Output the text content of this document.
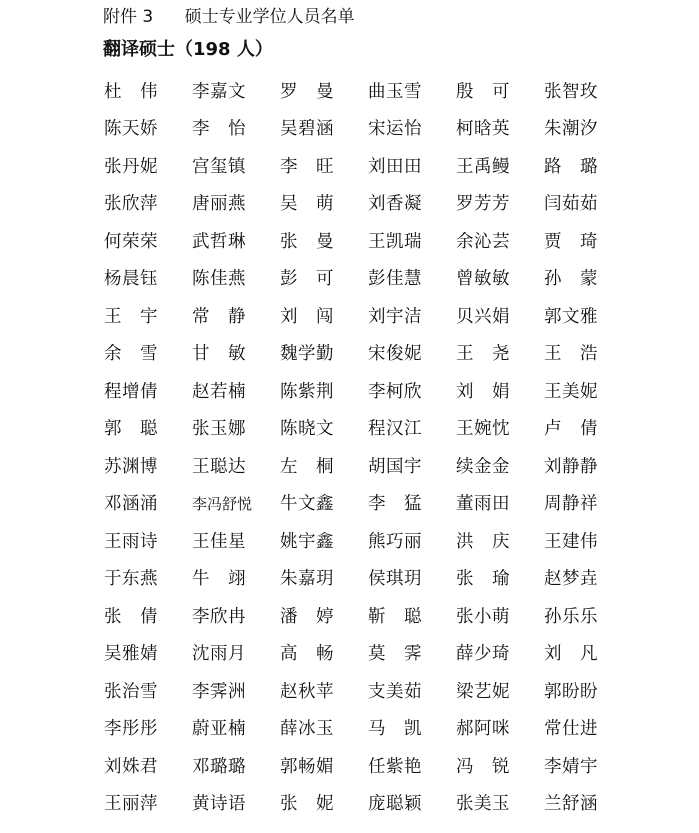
附件 3 硕士专业学位人员名单
翻译硕士（198 人）
杜　伟	李嘉文	罗　曼	曲玉雪	殷　可	张智玫
陈天娇	李　怡	吴碧涵	宋运怡	柯晗英	朱潮汐
张丹妮	宫玺镇	李　旺	刘田田	王禹鳗	路　璐
张欣萍	唐丽燕	吴　萌	刘香凝	罗芳芳	闫茹茹
何荣荣	武哲琳	张　曼	王凯瑞	余沁芸	贾　琦
杨晨钰	陈佳燕	彭　可	彭佳慧	曾敏敏	孙　蒙
王　宇	常　静	刘　闯	刘宇洁	贝兴娟	郭文雅
余　雪	甘　敏	魏学勤	宋俊妮	王　尧	王　浩
程增倩	赵若楠	陈紫荆	李柯欣	刘　娟	王美妮
郭　聪	张玉娜	陈晓文	程汉江	王婉忱	卢　倩
苏渊博	王聪达	左　桐	胡国宇	续金金	刘静静
邓涵涌	李冯舒悦	牛文鑫	李　猛	董雨田	周静祥
王雨诗	王佳星	姚宇鑫	熊巧丽	洪　庆	王建伟
于东燕	牛　翊	朱嘉玥	侯琪玥	张　瑜	赵梦垚
张　倩	李欣冉	潘　婷	靳　聪	张小萌	孙乐乐
吴雅婧	沈雨月	高　畅	莫　霁	薛少琦	刘　凡
张治雪	李霁洲	赵秋苹	支美茹	梁艺妮	郭盼盼
李彤彤	蔚亚楠	薛冰玉	马　凯	郝阿咪	常仕进
刘姝君	邓璐璐	郭畅媚	任紫艳	冯　锐	李婧宇
王丽萍	黄诗语	张　妮	庞聪颖	张美玉	兰舒涵
